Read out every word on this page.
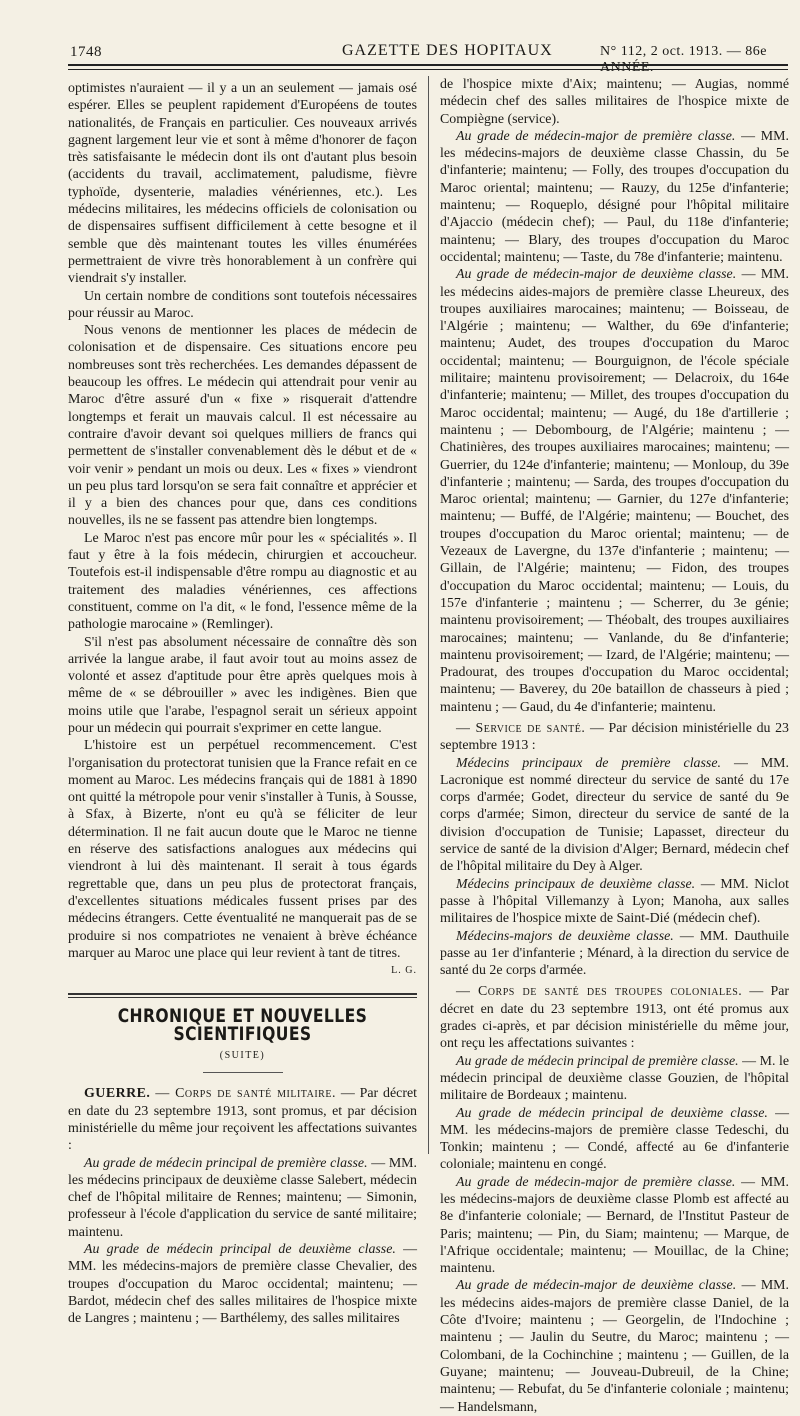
1748	GAZETTE DES HOPITAUX	N° 112, 2 oct. 1913. — 86e ANNÉE.

optimistes n'auraient — il y a un an seulement — jamais osé espérer. Elles se peuplent rapidement d'Européens de toutes nationalités, de Français en particulier. Ces nouveaux arrivés gagnent largement leur vie et sont à même d'honorer de façon très satisfaisante le médecin dont ils ont d'autant plus besoin (accidents du travail, acclimatement, paludisme, fièvre typhoïde, dysenterie, maladies vénériennes, etc.). Les médecins militaires, les médecins officiels de colonisation ou de dispensaires suffisent difficilement à cette besogne et il semble que dès maintenant toutes les villes énumérées permettraient de vivre très honorablement à un confrère qui viendrait s'y installer.

Un certain nombre de conditions sont toutefois nécessaires pour réussir au Maroc.

Nous venons de mentionner les places de médecin de colonisation et de dispensaire. Ces situations encore peu nombreuses sont très recherchées. Les demandes dépassent de beaucoup les offres. Le médecin qui attendrait pour venir au Maroc d'être assuré d'un « fixe » risquerait d'attendre longtemps et ferait un mauvais calcul. Il est nécessaire au contraire d'avoir devant soi quelques milliers de francs qui permettent de s'installer convenablement dès le début et de « voir venir » pendant un mois ou deux. Les « fixes » viendront un peu plus tard lorsqu'on se sera fait connaître et apprécier et il y a bien des chances pour que, dans ces conditions nouvelles, ils ne se fassent pas attendre bien longtemps.

Le Maroc n'est pas encore mûr pour les « spécialités ». Il faut y être à la fois médecin, chirurgien et accoucheur. Toutefois est-il indispensable d'être rompu au diagnostic et au traitement des maladies vénériennes, ces affections constituent, comme on l'a dit, « le fond, l'essence même de la pathologie marocaine » (Remlinger).

S'il n'est pas absolument nécessaire de connaître dès son arrivée la langue arabe, il faut avoir tout au moins assez de volonté et assez d'aptitude pour être après quelques mois à même de « se débrouiller » avec les indigènes. Bien que moins utile que l'arabe, l'espagnol serait un sérieux appoint pour un médecin qui pourrait s'exprimer en cette langue.

L'histoire est un perpétuel recommencement. C'est l'organisation du protectorat tunisien que la France refait en ce moment au Maroc. Les médecins français qui de 1881 à 1890 ont quitté la métropole pour venir s'installer à Tunis, à Sousse, à Sfax, à Bizerte, n'ont eu qu'à se féliciter de leur détermination. Il ne fait aucun doute que le Maroc ne tienne en réserve des satisfactions analogues aux médecins qui viendront à lui dès maintenant. Il serait à tous égards regrettable que, dans un peu plus de protectorat français, d'excellentes situations médicales fussent prises par des médecins étrangers. Cette éventualité ne manquerait pas de se produire si nos compatriotes ne venaient à brève échéance marquer au Maroc une place qui leur revient à tant de titres.

L. G.
CHRONIQUE ET NOUVELLES SCIENTIFIQUES
(SUITE)

GUERRE. — Corps de santé militaire. — Par décret en date du 23 septembre 1913, sont promus, et par décision ministérielle du même jour reçoivent les affectations suivantes :

Au grade de médecin principal de première classe. — MM. les médecins principaux de deuxième classe Salebert, médecin chef de l'hôpital militaire de Rennes; maintenu; — Simonin, professeur à l'école d'application du service de santé militaire; maintenu.

Au grade de médecin principal de deuxième classe. — MM. les médecins-majors de première classe Chevalier, des troupes d'occupation du Maroc occidental; maintenu; — Bardot, médecin chef des salles militaires de l'hospice mixte de Langres ; maintenu ; — Barthélemy, des salles militaires

de l'hospice mixte d'Aix; maintenu; — Augias, nommé médecin chef des salles militaires de l'hospice mixte de Compiègne (service).

Au grade de médecin-major de première classe. — MM. les médecins-majors de deuxième classe Chassin, du 5e d'infanterie; maintenu; — Folly, des troupes d'occupation du Maroc oriental; maintenu; — Rauzy, du 125e d'infanterie; maintenu; — Roqueplo, désigné pour l'hôpital militaire d'Ajaccio (médecin chef); — Paul, du 118e d'infanterie; maintenu; — Blary, des troupes d'occupation du Maroc occidental; maintenu; — Taste, du 78e d'infanterie; maintenu.

Au grade de médecin-major de deuxième classe. — MM. les médecins aides-majors de première classe Lheureux, des troupes auxiliaires marocaines; maintenu; — Boisseau, de l'Algérie ; maintenu; — Walther, du 69e d'infanterie; maintenu; Audet, des troupes d'occupation du Maroc occidental; maintenu; — Bourguignon, de l'école spéciale militaire; maintenu provisoirement; — Delacroix, du 164e d'infanterie; maintenu; — Millet, des troupes d'occupation du Maroc occidental; maintenu; — Augé, du 18e d'artillerie ; maintenu ; — Debombourg, de l'Algérie; maintenu ; — Chatinières, des troupes auxiliaires marocaines; maintenu; — Guerrier, du 124e d'infanterie; maintenu; — Monloup, du 39e d'infanterie ; maintenu; — Sarda, des troupes d'occupation du Maroc oriental; maintenu; — Garnier, du 127e d'infanterie; maintenu; — Buffé, de l'Algérie; maintenu; — Bouchet, des troupes d'occupation du Maroc oriental; maintenu; — de Vezeaux de Lavergne, du 137e d'infanterie ; maintenu; — Gillain, de l'Algérie; maintenu; — Fidon, des troupes d'occupation du Maroc occidental; maintenu; — Louis, du 157e d'infanterie ; maintenu ; — Scherrer, du 3e génie; maintenu provisoirement; — Théobalt, des troupes auxiliaires marocaines; maintenu; — Vanlande, du 8e d'infanterie; maintenu provisoirement; — Izard, de l'Algérie; maintenu; — Pradourat, des troupes d'occupation du Maroc occidental; maintenu; — Baverey, du 20e bataillon de chasseurs à pied ; maintenu ; — Gaud, du 4e d'infanterie; maintenu.

— Service de santé. — Par décision ministérielle du 23 septembre 1913 :

Médecins principaux de première classe. — MM. Lacronique est nommé directeur du service de santé du 17e corps d'armée; Godet, directeur du service de santé du 9e corps d'armée; Simon, directeur du service de santé de la division d'occupation de Tunisie; Lapasset, directeur du service de santé de la division d'Alger; Bernard, médecin chef de l'hôpital militaire du Dey à Alger.

Médecins principaux de deuxième classe. — MM. Niclot passe à l'hôpital Villemanzy à Lyon; Manoha, aux salles militaires de l'hospice mixte de Saint-Dié (médecin chef).

Médecins-majors de deuxième classe. — MM. Dauthuile passe au 1er d'infanterie ; Ménard, à la direction du service de santé du 2e corps d'armée.

— Corps de santé des troupes coloniales. — Par décret en date du 23 septembre 1913, ont été promus aux grades ci-après, et par décision ministérielle du même jour, ont reçu les affectations suivantes :

Au grade de médecin principal de première classe. — M. le médecin principal de deuxième classe Gouzien, de l'hôpital militaire de Bordeaux ; maintenu.

Au grade de médecin principal de deuxième classe. — MM. les médecins-majors de première classe Tedeschi, du Tonkin; maintenu ; — Condé, affecté au 6e d'infanterie coloniale; maintenu en congé.

Au grade de médecin-major de première classe. — MM. les médecins-majors de deuxième classe Plomb est affecté au 8e d'infanterie coloniale; — Bernard, de l'Institut Pasteur de Paris; maintenu; — Pin, du Siam; maintenu; — Marque, de l'Afrique occidentale; maintenu; — Mouillac, de la Chine; maintenu.

Au grade de médecin-major de deuxième classe. — MM. les médecins aides-majors de première classe Daniel, de la Côte d'Ivoire; maintenu ; — Georgelin, de l'Indochine ; maintenu ; — Jaulin du Seutre, du Maroc; maintenu ; — Colombani, de la Cochinchine ; maintenu ; — Guillen, de la Guyane; maintenu; — Jouveau-Dubreuil, de la Chine; maintenu; — Rebufat, du 5e d'infanterie coloniale ; maintenu; — Handelsmann,
